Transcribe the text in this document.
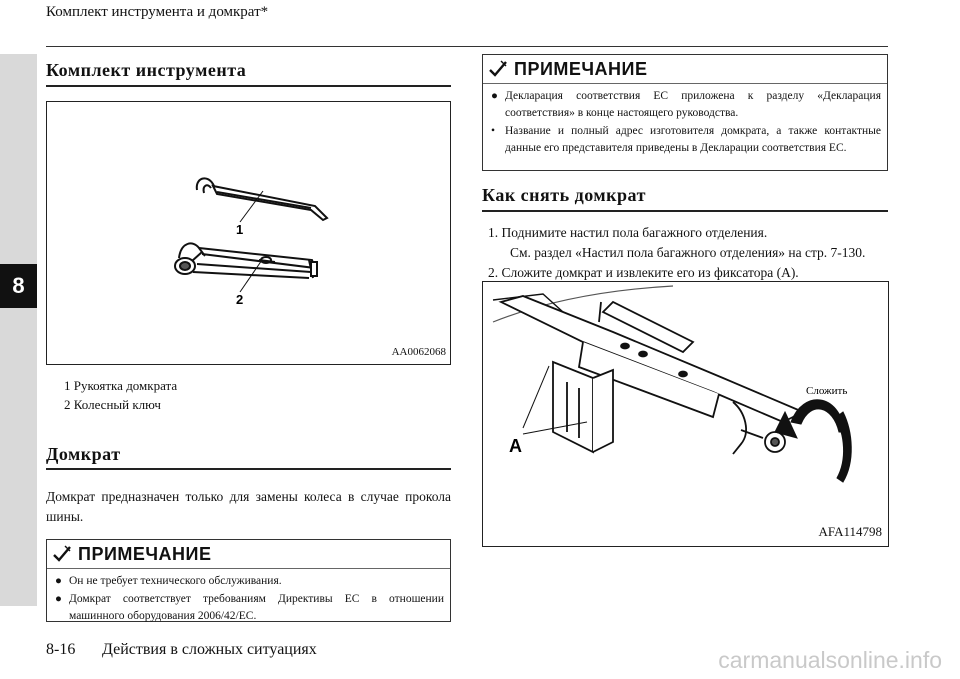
8
Комплект инструмента и домкрат*
Комплект инструмента
1
2
AA0062068
1 Рукоятка домкрата
2 Колесный ключ
Домкрат
Домкрат предназначен только для замены колеса в случае прокола шины.
ПРИМЕЧАНИЕ
● Он не требует технического обслуживания.
● Домкрат соответствует требованиям Директивы ЕС в отношении машинного оборудования 2006/42/EC.
ПРИМЕЧАНИЕ
● Декларация соответствия ЕС приложена к разделу «Декларация соответствия» в конце настоящего руководства.
• Название и полный адрес изготовителя домкрата, а также контактные данные его представителя приведены в Декларации соответствия ЕС.
Как снять домкрат
1. Поднимите настил пола багажного отделения.
См. раздел «Настил пола багажного отделения» на стр. 7-130.
2. Сложите домкрат и извлеките его из фиксатора (А).
A
Сложить
AFA114798
8-16 Действия в сложных ситуациях	carmanualsonline.info
